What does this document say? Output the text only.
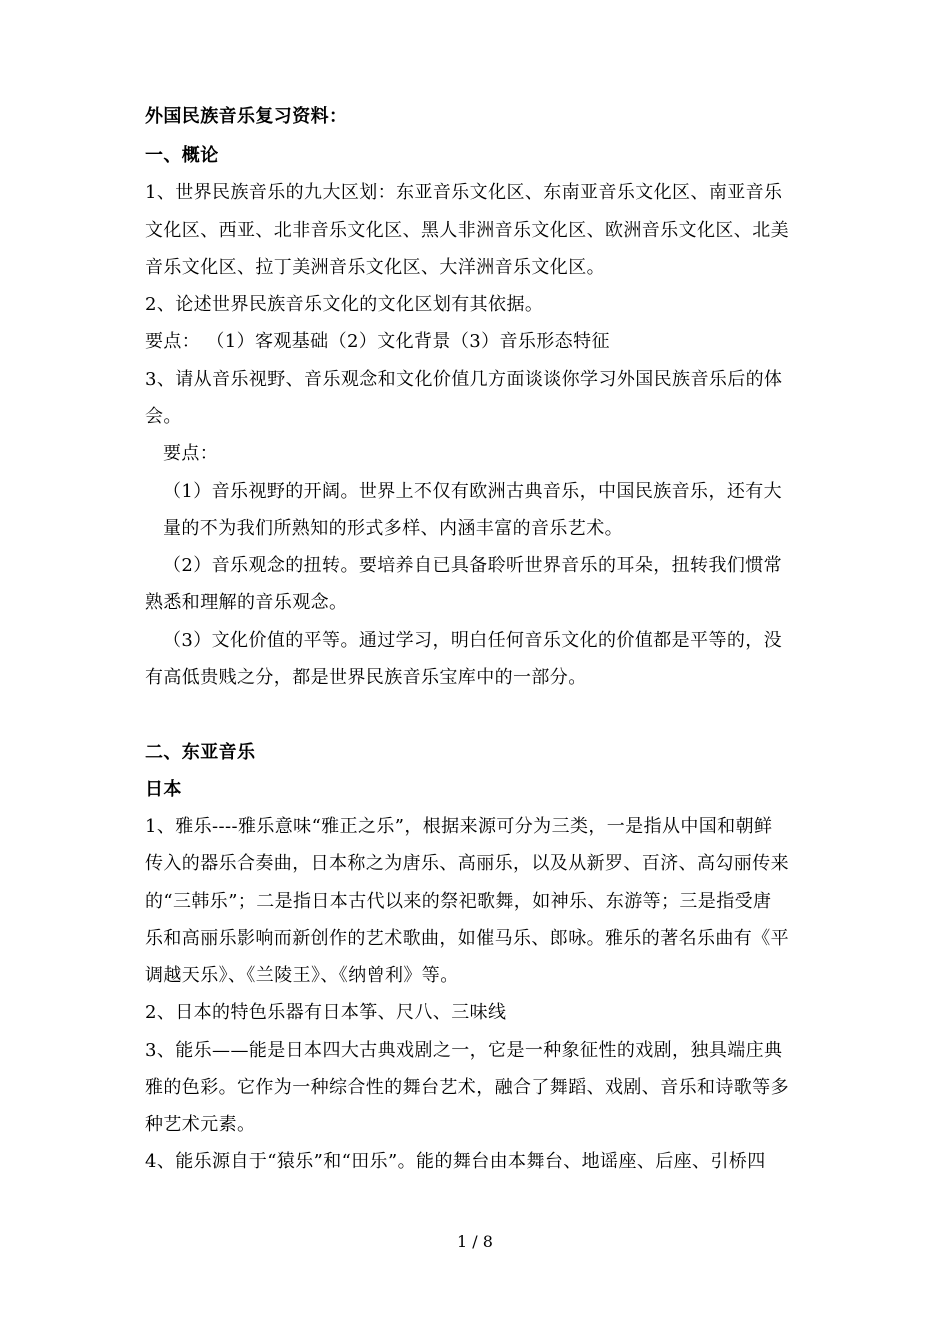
外国民族音乐复习资料：
一、概论
1、世界民族音乐的九大区划：东亚音乐文化区、东南亚音乐文化区、南亚音乐
文化区、西亚、北非音乐文化区、黑人非洲音乐文化区、欧洲音乐文化区、北美
音乐文化区、拉丁美洲音乐文化区、大洋洲音乐文化区。
2、论述世界民族音乐文化的文化区划有其依据。
要点： （1）客观基础（2）文化背景（3）音乐形态特征
3、请从音乐视野、音乐观念和文化价值几方面谈谈你学习外国民族音乐后的体
会。
要点：
（1）音乐视野的开阔。世界上不仅有欧洲古典音乐，中国民族音乐，还有大
量的不为我们所熟知的形式多样、内涵丰富的音乐艺术。
（2）音乐观念的扭转。要培养自已具备聆听世界音乐的耳朵，扭转我们惯常
熟悉和理解的音乐观念。
（3）文化价值的平等。通过学习，明白任何音乐文化的价值都是平等的，没
有高低贵贱之分，都是世界民族音乐宝库中的一部分。
二、东亚音乐
日本
1、雅乐----雅乐意味“雅正之乐”，根据来源可分为三类，一是指从中国和朝鲜
传入的器乐合奏曲，日本称之为唐乐、高丽乐，以及从新罗、百济、高勾丽传来
的“三韩乐”；二是指日本古代以来的祭祀歌舞，如神乐、东游等；三是指受唐
乐和高丽乐影响而新创作的艺术歌曲，如催马乐、郎咏。雅乐的著名乐曲有《平
调越天乐》、《兰陵王》、《纳曾利》等。
2、日本的特色乐器有日本筝、尺八、三味线
3、能乐——能是日本四大古典戏剧之一，它是一种象征性的戏剧，独具端庄典
雅的色彩。它作为一种综合性的舞台艺术，融合了舞蹈、戏剧、音乐和诗歌等多
种艺术元素。
4、能乐源自于“猿乐”和“田乐”。能的舞台由本舞台、地谣座、后座、引桥四
1 / 8
